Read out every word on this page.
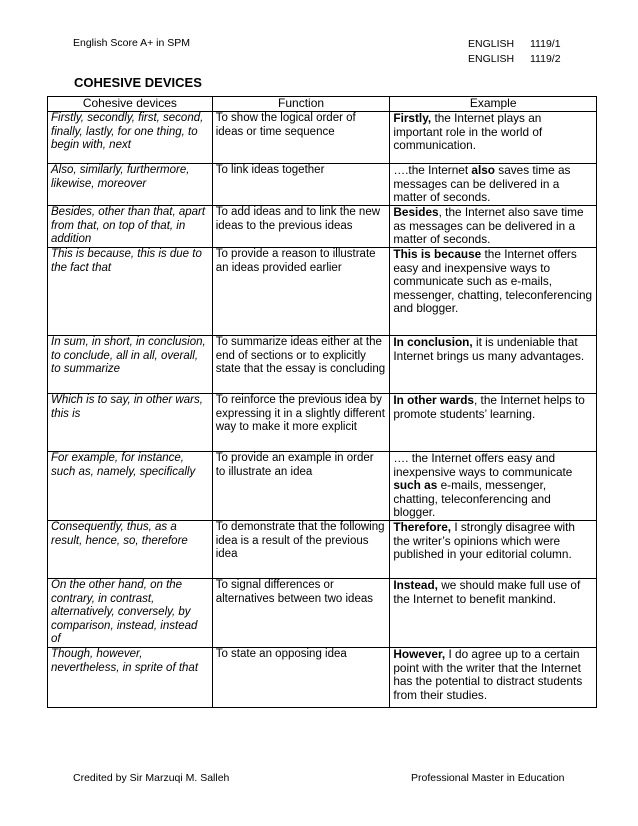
English Score A+ in SPM	ENGLISH	1119/1
ENGLISH	1119/2
COHESIVE DEVICES
Cohesive devices	Function	Example
Firstly, secondly, first, second, finally, lastly, for one thing, to begin with, next	To show the logical order of ideas or time sequence	Firstly, the Internet plays an important role in the world of communication.
Also, similarly, furthermore, likewise, moreover	To link ideas together	….the Internet also saves time as messages can be delivered in a matter of seconds.
Besides, other than that, apart from that, on top of that, in addition	To add ideas and to link the new ideas to the previous ideas	Besides, the Internet also save time as messages can be delivered in a matter of seconds.
This is because, this is due to the fact that	To provide a reason to illustrate an ideas provided earlier	This is because the Internet offers easy and inexpensive ways to communicate such as e-mails, messenger, chatting, teleconferencing and blogger.
In sum, in short, in conclusion, to conclude, all in all, overall, to summarize	To summarize ideas either at the end of sections or to explicitly state that the essay is concluding	In conclusion, it is undeniable that Internet brings us many advantages.
Which is to say, in other wars, this is	To reinforce the previous idea by expressing it in a slightly different way to make it more explicit	In other wards, the Internet helps to promote students’ learning.
For example, for instance, such as, namely, specifically	To provide an example in order to illustrate an idea	…. the Internet offers easy and inexpensive ways to communicate such as e-mails, messenger, chatting, teleconferencing and blogger.
Consequently, thus, as a result, hence, so, therefore	To demonstrate that the following idea is a result of the previous idea	Therefore, I strongly disagree with the writer’s opinions which were published in your editorial column.
On the other hand, on the contrary, in contrast, alternatively, conversely, by comparison, instead, instead of	To signal differences or alternatives between two ideas	Instead, we should make full use of the Internet to benefit mankind.
Though, however, nevertheless, in sprite of that	To state an opposing idea	However, I do agree up to a certain point with the writer that the Internet has the potential to distract students from their studies.
Credited by Sir Marzuqi M. Salleh	Professional Master in Education
